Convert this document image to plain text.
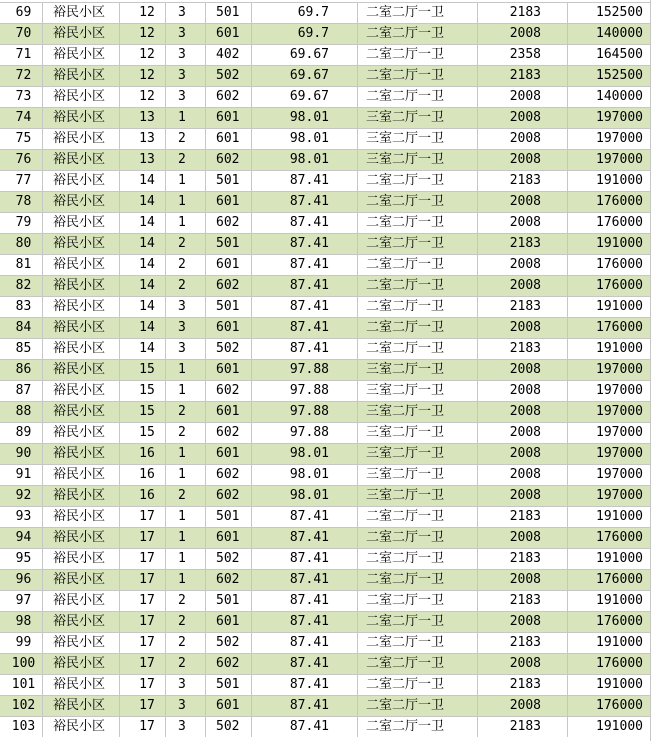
69	裕民小区	12	3	501	69.7	二室二厅一卫	2183	152500
70	裕民小区	12	3	601	69.7	二室二厅一卫	2008	140000
71	裕民小区	12	3	402	69.67	二室二厅一卫	2358	164500
72	裕民小区	12	3	502	69.67	二室二厅一卫	2183	152500
73	裕民小区	12	3	602	69.67	二室二厅一卫	2008	140000
74	裕民小区	13	1	601	98.01	三室二厅一卫	2008	197000
75	裕民小区	13	2	601	98.01	三室二厅一卫	2008	197000
76	裕民小区	13	2	602	98.01	三室二厅一卫	2008	197000
77	裕民小区	14	1	501	87.41	二室二厅一卫	2183	191000
78	裕民小区	14	1	601	87.41	二室二厅一卫	2008	176000
79	裕民小区	14	1	602	87.41	二室二厅一卫	2008	176000
80	裕民小区	14	2	501	87.41	二室二厅一卫	2183	191000
81	裕民小区	14	2	601	87.41	二室二厅一卫	2008	176000
82	裕民小区	14	2	602	87.41	二室二厅一卫	2008	176000
83	裕民小区	14	3	501	87.41	二室二厅一卫	2183	191000
84	裕民小区	14	3	601	87.41	二室二厅一卫	2008	176000
85	裕民小区	14	3	502	87.41	二室二厅一卫	2183	191000
86	裕民小区	15	1	601	97.88	三室二厅一卫	2008	197000
87	裕民小区	15	1	602	97.88	三室二厅一卫	2008	197000
88	裕民小区	15	2	601	97.88	三室二厅一卫	2008	197000
89	裕民小区	15	2	602	97.88	三室二厅一卫	2008	197000
90	裕民小区	16	1	601	98.01	三室二厅一卫	2008	197000
91	裕民小区	16	1	602	98.01	三室二厅一卫	2008	197000
92	裕民小区	16	2	602	98.01	三室二厅一卫	2008	197000
93	裕民小区	17	1	501	87.41	二室二厅一卫	2183	191000
94	裕民小区	17	1	601	87.41	二室二厅一卫	2008	176000
95	裕民小区	17	1	502	87.41	二室二厅一卫	2183	191000
96	裕民小区	17	1	602	87.41	二室二厅一卫	2008	176000
97	裕民小区	17	2	501	87.41	二室二厅一卫	2183	191000
98	裕民小区	17	2	601	87.41	二室二厅一卫	2008	176000
99	裕民小区	17	2	502	87.41	二室二厅一卫	2183	191000
100	裕民小区	17	2	602	87.41	二室二厅一卫	2008	176000
101	裕民小区	17	3	501	87.41	二室二厅一卫	2183	191000
102	裕民小区	17	3	601	87.41	二室二厅一卫	2008	176000
103	裕民小区	17	3	502	87.41	二室二厅一卫	2183	191000
